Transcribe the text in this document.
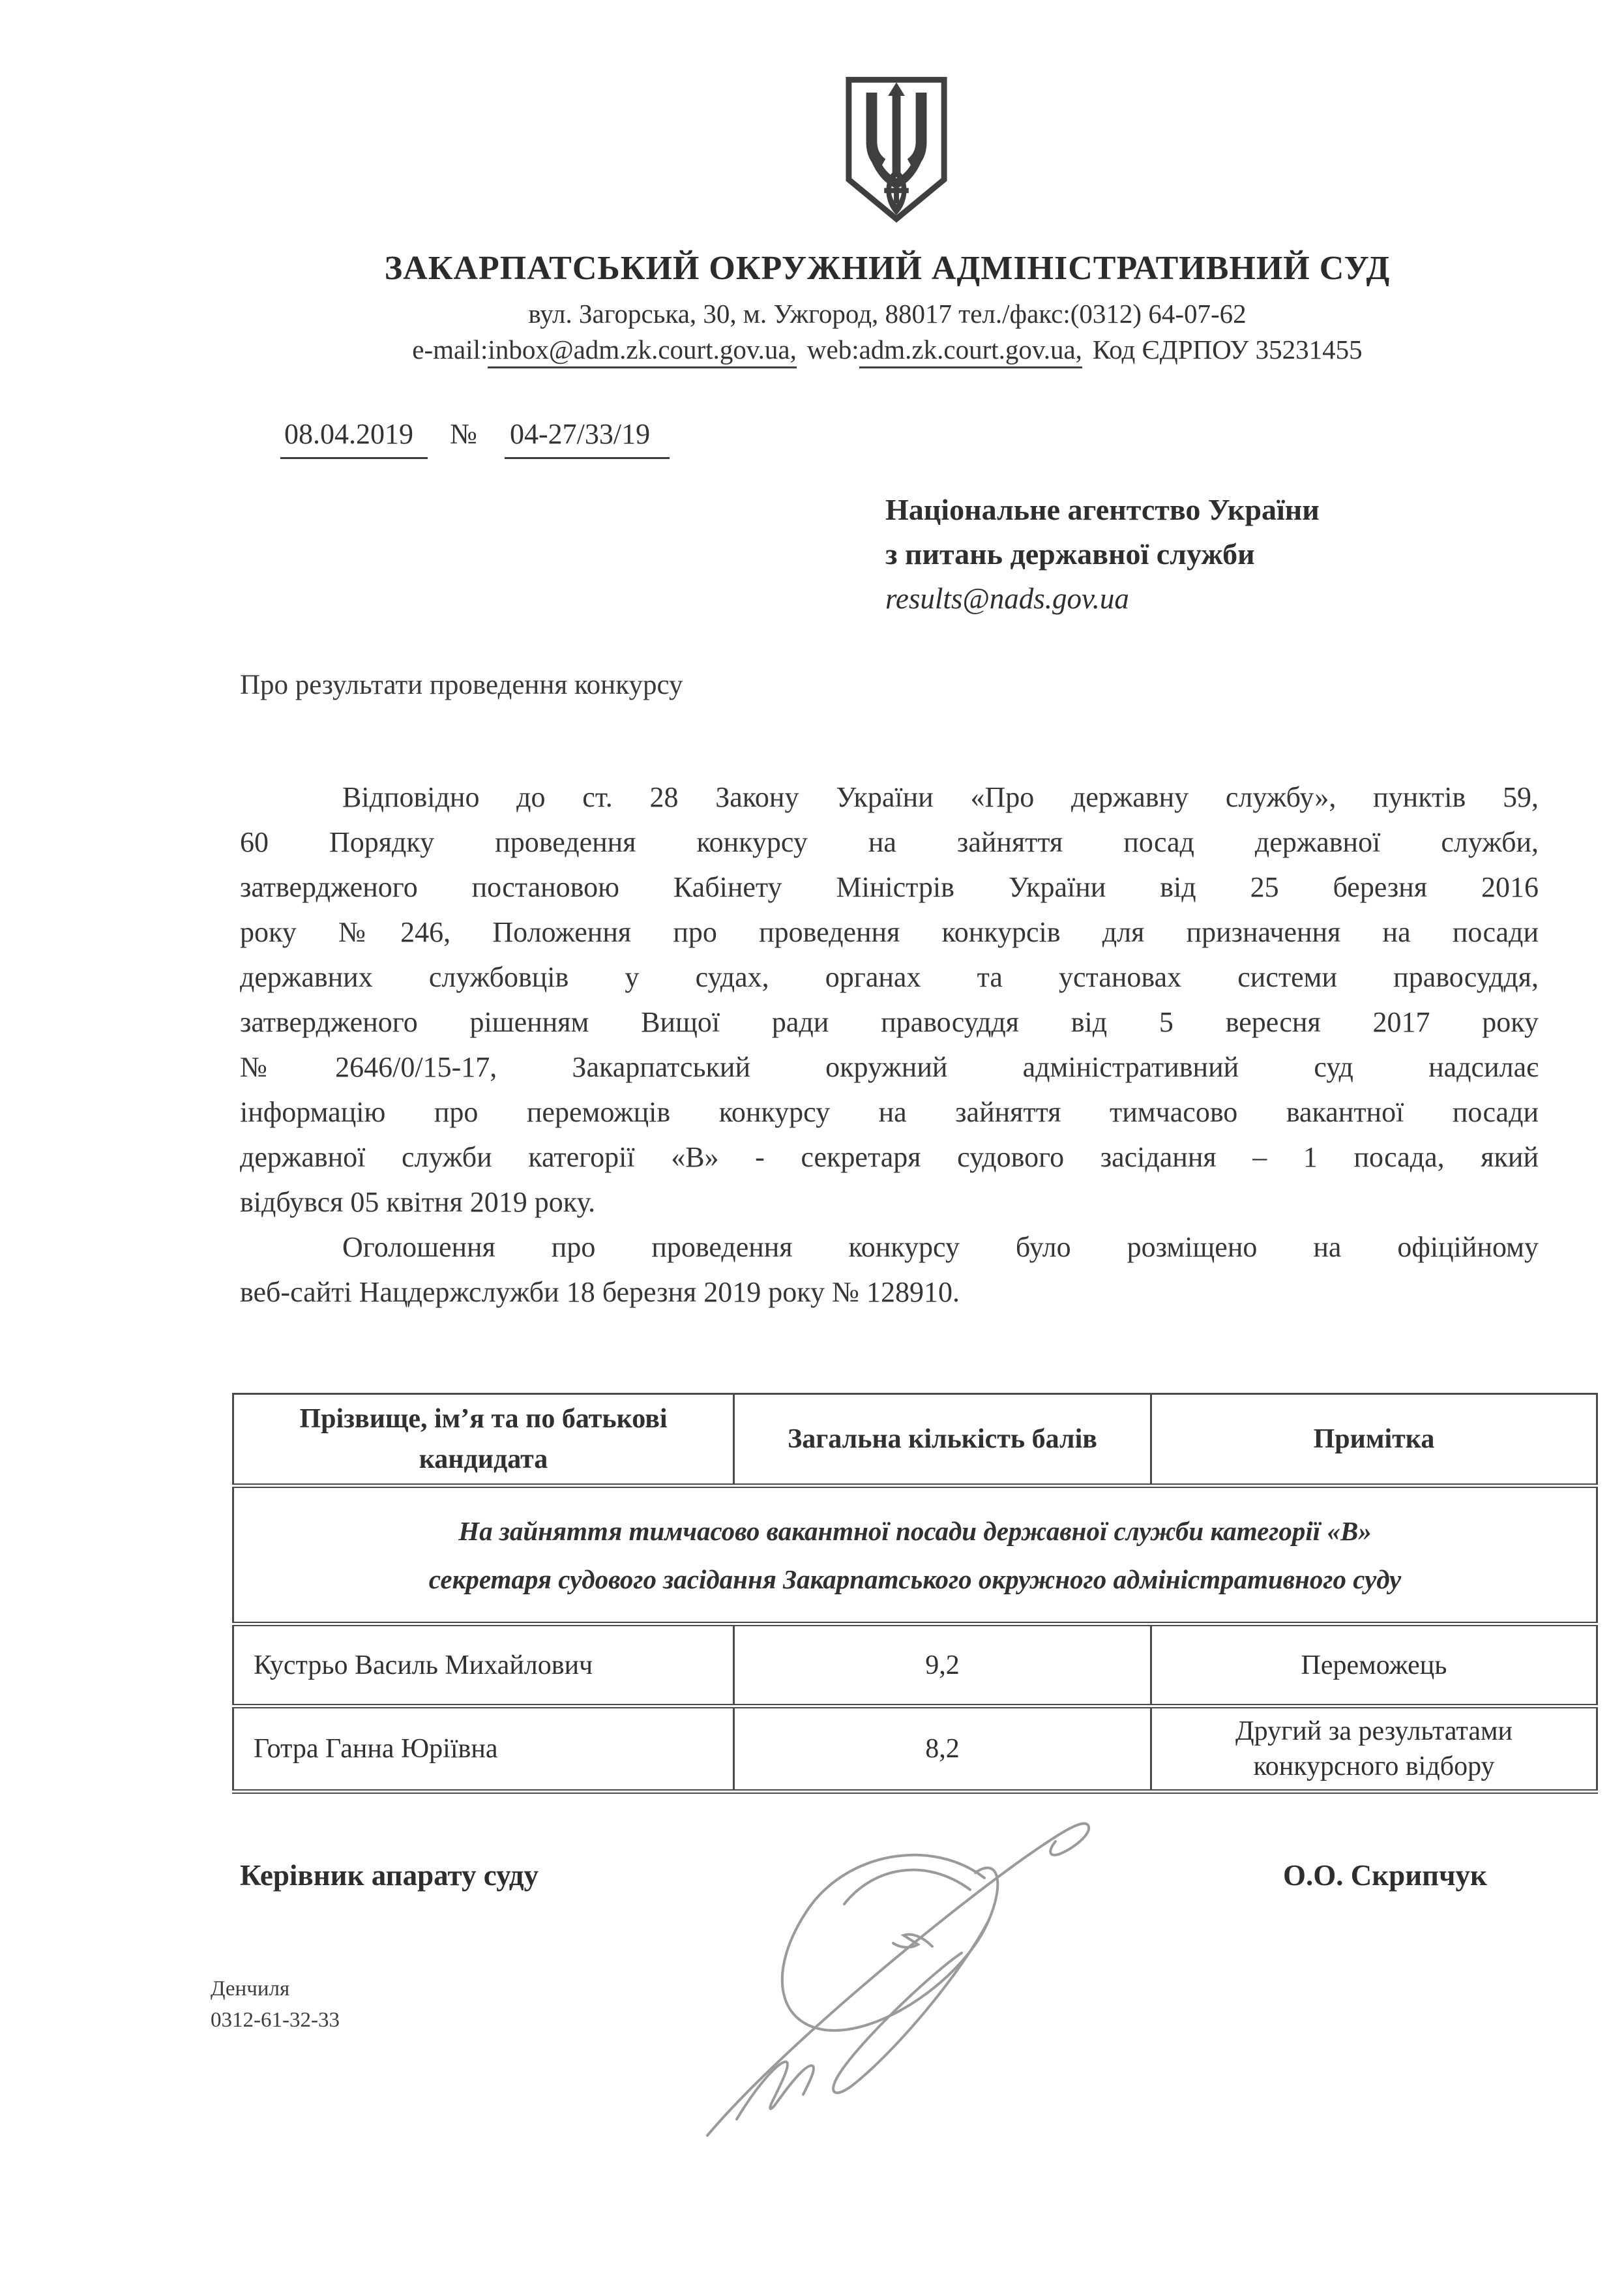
ЗАКАРПАТСЬКИЙ ОКРУЖНИЙ АДМІНІСТРАТИВНИЙ СУД
вул. Загорська, 30, м. Ужгород, 88017 тел./факс:(0312) 64-07-62
e-mail:inbox@adm.zk.court.gov.ua, web:adm.zk.court.gov.ua, Код ЄДРПОУ 35231455
08.04.2019 № 04-27/33/19
Національне агентство України
з питань державної служби
results@nads.gov.ua
Про результати проведення конкурсу
Відповідно до ст. 28 Закону України «Про державну службу», пунктів 59,
60 Порядку проведення конкурсу на зайняття посад державної служби,
затвердженого постановою Кабінету Міністрів України від 25 березня 2016
року №246, Положення про проведення конкурсів для призначення на посади
державних службовців у судах, органах та установах системи правосуддя,
затвердженого рішенням Вищої ради правосуддя від 5 вересня 2017 року
№2646/0/15-17, Закарпатський окружний адміністративний суд надсилає
інформацію про переможців конкурсу на зайняття тимчасово вакантної посади
державної служби категорії «В» - секретаря судового засідання – 1 посада, який
відбувся 05 квітня 2019 року.
Оголошення про проведення конкурсу було розміщено на офіційному
веб-сайті Нацдержслужби 18 березня 2019 року № 128910.
Прізвище, ім’я та по батькові кандидата	Загальна кількість балів	Примітка

На зайняття тимчасово вакантної посади державної служби категорії «В»
секретаря судового засідання Закарпатського окружного адміністративного суду		

Кустрьо Василь Михайлович	9,2	Переможець
Готра Ганна Юріївна	8,2	Другий за результатами конкурсного відбору
Керівник апарату суду	О.О. Скрипчук
Денчиля
0312-61-32-33
